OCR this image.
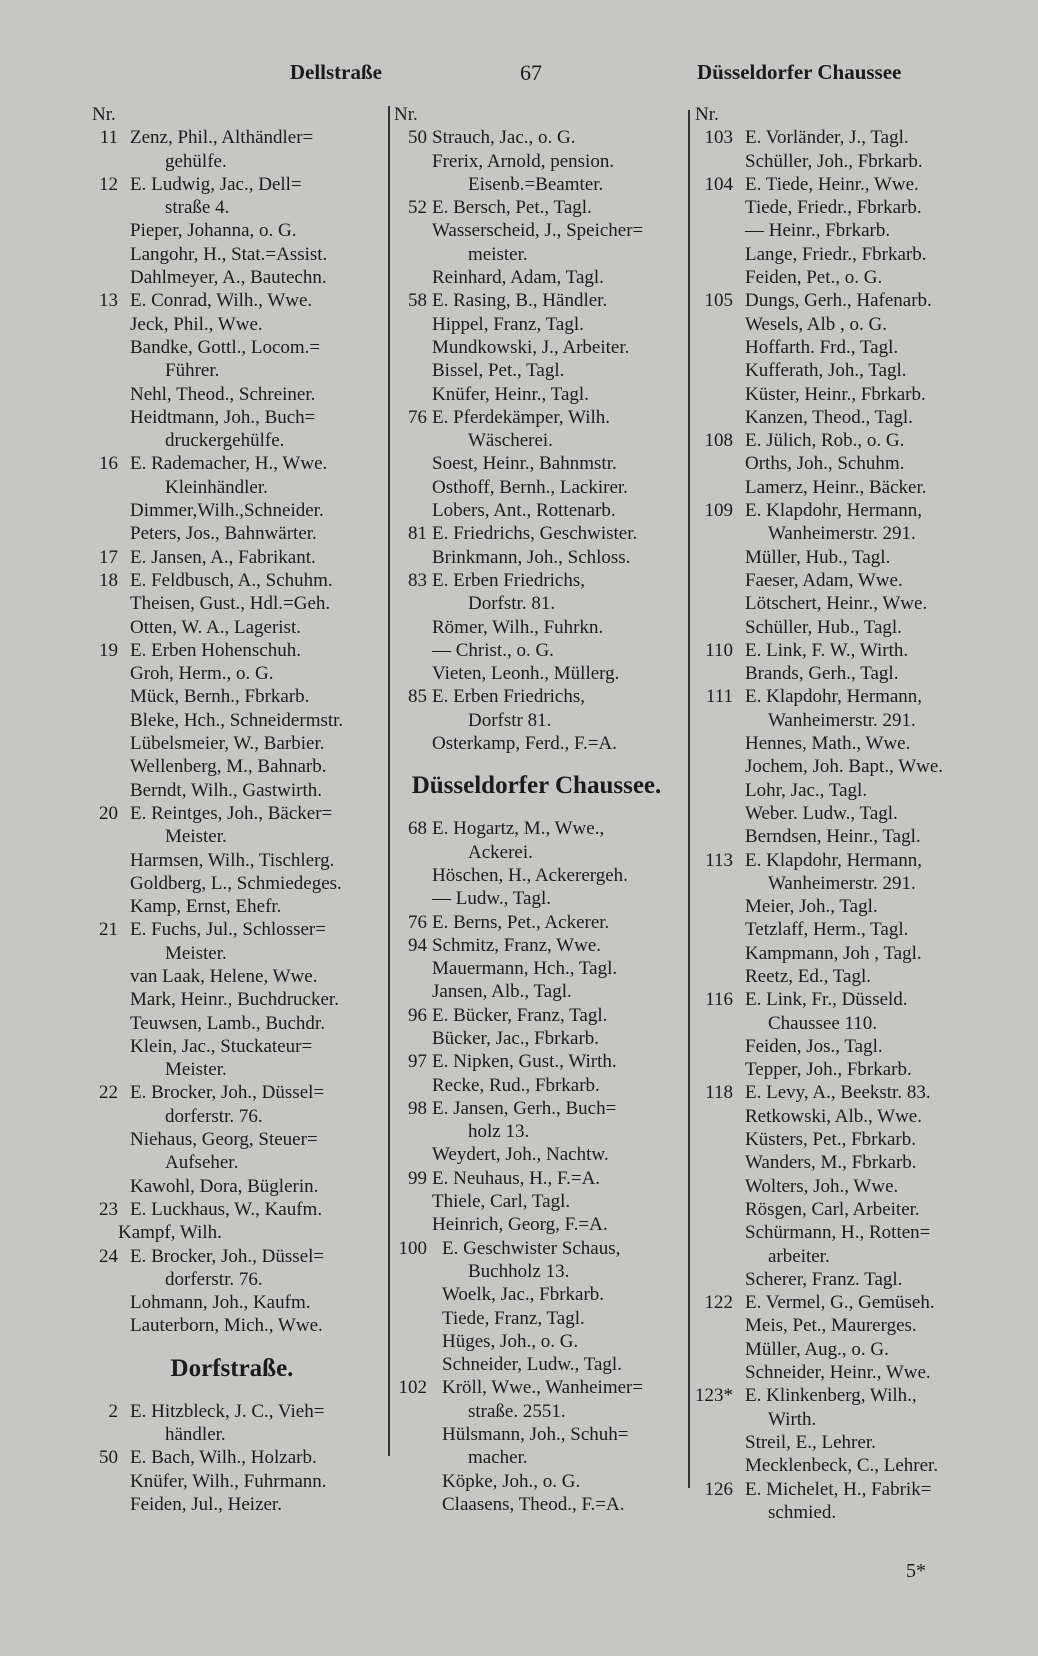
Dellstraße	67	Düsseldorfer Chaussee
Nr.
11 Zenz, Phil., Althändler=
gehülfe.
12 E. Ludwig, Jac., Dell=
straße 4.
Pieper, Johanna, o. G.
Langohr, H., Stat.=Assist.
Dahlmeyer, A., Bautechn.
13 E. Conrad, Wilh., Wwe.
Jeck, Phil., Wwe.
Bandke, Gottl., Locom.=
Führer.
Nehl, Theod., Schreiner.
Heidtmann, Joh., Buch=
druckergehülfe.
16 E. Rademacher, H., Wwe.
Kleinhändler.
Dimmer,Wilh.,Schneider.
Peters, Jos., Bahnwärter.
17 E. Jansen, A., Fabrikant.
18 E. Feldbusch, A., Schuhm.
Theisen, Gust., Hdl.=Geh.
Otten, W. A., Lagerist.
19 E. Erben Hohenschuh.
Groh, Herm., o. G.
Mück, Bernh., Fbrkarb.
Bleke, Hch., Schneidermstr.
Lübelsmeier, W., Barbier.
Wellenberg, M., Bahnarb.
Berndt, Wilh., Gastwirth.
20 E. Reintges, Joh., Bäcker=
Meister.
Harmsen, Wilh., Tischlerg.
Goldberg, L., Schmiedeges.
Kamp, Ernst, Ehefr.
21 E. Fuchs, Jul., Schlosser=
Meister.
van Laak, Helene, Wwe.
Mark, Heinr., Buchdrucker.
Teuwsen, Lamb., Buchdr.
Klein, Jac., Stuckateur=
Meister.
22 E. Brocker, Joh., Düssel=
dorferstr. 76.
Niehaus, Georg, Steuer=
Aufseher.
Kawohl, Dora, Büglerin.
23 E. Luckhaus, W., Kaufm.
Kampf, Wilh.
24 E. Brocker, Joh., Düssel=
dorferstr. 76.
Lohmann, Joh., Kaufm.
Lauterborn, Mich., Wwe.
Dorfstraße.
2 E. Hitzbleck, J. C., Vieh=
händler.
50 E. Bach, Wilh., Holzarb.
Knüfer, Wilh., Fuhrmann.
Feiden, Jul., Heizer.
Nr.
50 Strauch, Jac., o. G.
Frerix, Arnold, pension.
Eisenb.=Beamter.
52 E. Bersch, Pet., Tagl.
Wasserscheid, J., Speicher=
meister.
Reinhard, Adam, Tagl.
58 E. Rasing, B., Händler.
Hippel, Franz, Tagl.
Mundkowski, J., Arbeiter.
Bissel, Pet., Tagl.
Knüfer, Heinr., Tagl.
76 E. Pferdekämper, Wilh.
Wäscherei.
Soest, Heinr., Bahnmstr.
Osthoff, Bernh., Lackirer.
Lobers, Ant., Rottenarb.
81 E. Friedrichs, Geschwister.
Brinkmann, Joh., Schloss.
83 E. Erben Friedrichs,
Dorfstr. 81.
Römer, Wilh., Fuhrkn.
— Christ., o. G.
Vieten, Leonh., Müllerg.
85 E. Erben Friedrichs,
Dorfstr 81.
Osterkamp, Ferd., F.=A.
Düsseldorfer Chaussee.
68 E. Hogartz, M., Wwe.,
Ackerei.
Höschen, H., Ackerergeh.
— Ludw., Tagl.
76 E. Berns, Pet., Ackerer.
94 Schmitz, Franz, Wwe.
Mauermann, Hch., Tagl.
Jansen, Alb., Tagl.
96 E. Bücker, Franz, Tagl.
Bücker, Jac., Fbrkarb.
97 E. Nipken, Gust., Wirth.
Recke, Rud., Fbrkarb.
98 E. Jansen, Gerh., Buch=
holz 13.
Weydert, Joh., Nachtw.
99 E. Neuhaus, H., F.=A.
Thiele, Carl, Tagl.
Heinrich, Georg, F.=A.
100 E. Geschwister Schaus,
Buchholz 13.
Woelk, Jac., Fbrkarb.
Tiede, Franz, Tagl.
Hüges, Joh., o. G.
Schneider, Ludw., Tagl.
102 Kröll, Wwe., Wanheimer=
straße. 2551.
Hülsmann, Joh., Schuh=
macher.
Köpke, Joh., o. G.
Claasens, Theod., F.=A.
Nr.
103 E. Vorländer, J., Tagl.
Schüller, Joh., Fbrkarb.
104 E. Tiede, Heinr., Wwe.
Tiede, Friedr., Fbrkarb.
— Heinr., Fbrkarb.
Lange, Friedr., Fbrkarb.
Feiden, Pet., o. G.
105 Dungs, Gerh., Hafenarb.
Wesels, Alb , o. G.
Hoffarth. Frd., Tagl.
Kufferath, Joh., Tagl.
Küster, Heinr., Fbrkarb.
Kanzen, Theod., Tagl.
108 E. Jülich, Rob., o. G.
Orths, Joh., Schuhm.
Lamerz, Heinr., Bäcker.
109 E. Klapdohr, Hermann,
Wanheimerstr. 291.
Müller, Hub., Tagl.
Faeser, Adam, Wwe.
Lötschert, Heinr., Wwe.
Schüller, Hub., Tagl.
110 E. Link, F. W., Wirth.
Brands, Gerh., Tagl.
111 E. Klapdohr, Hermann,
Wanheimerstr. 291.
Hennes, Math., Wwe.
Jochem, Joh. Bapt., Wwe.
Lohr, Jac., Tagl.
Weber. Ludw., Tagl.
Berndsen, Heinr., Tagl.
113 E. Klapdohr, Hermann,
Wanheimerstr. 291.
Meier, Joh., Tagl.
Tetzlaff, Herm., Tagl.
Kampmann, Joh , Tagl.
Reetz, Ed., Tagl.
116 E. Link, Fr., Düsseld.
Chaussee 110.
Feiden, Jos., Tagl.
Tepper, Joh., Fbrkarb.
118 E. Levy, A., Beekstr. 83.
Retkowski, Alb., Wwe.
Küsters, Pet., Fbrkarb.
Wanders, M., Fbrkarb.
Wolters, Joh., Wwe.
Rösgen, Carl, Arbeiter.
Schürmann, H., Rotten=
arbeiter.
Scherer, Franz. Tagl.
122 E. Vermel, G., Gemüseh.
Meis, Pet., Maurerges.
Müller, Aug., o. G.
Schneider, Heinr., Wwe.
123* E. Klinkenberg, Wilh.,
Wirth.
Streil, E., Lehrer.
Mecklenbeck, C., Lehrer.
126 E. Michelet, H., Fabrik=
schmied.
5*
